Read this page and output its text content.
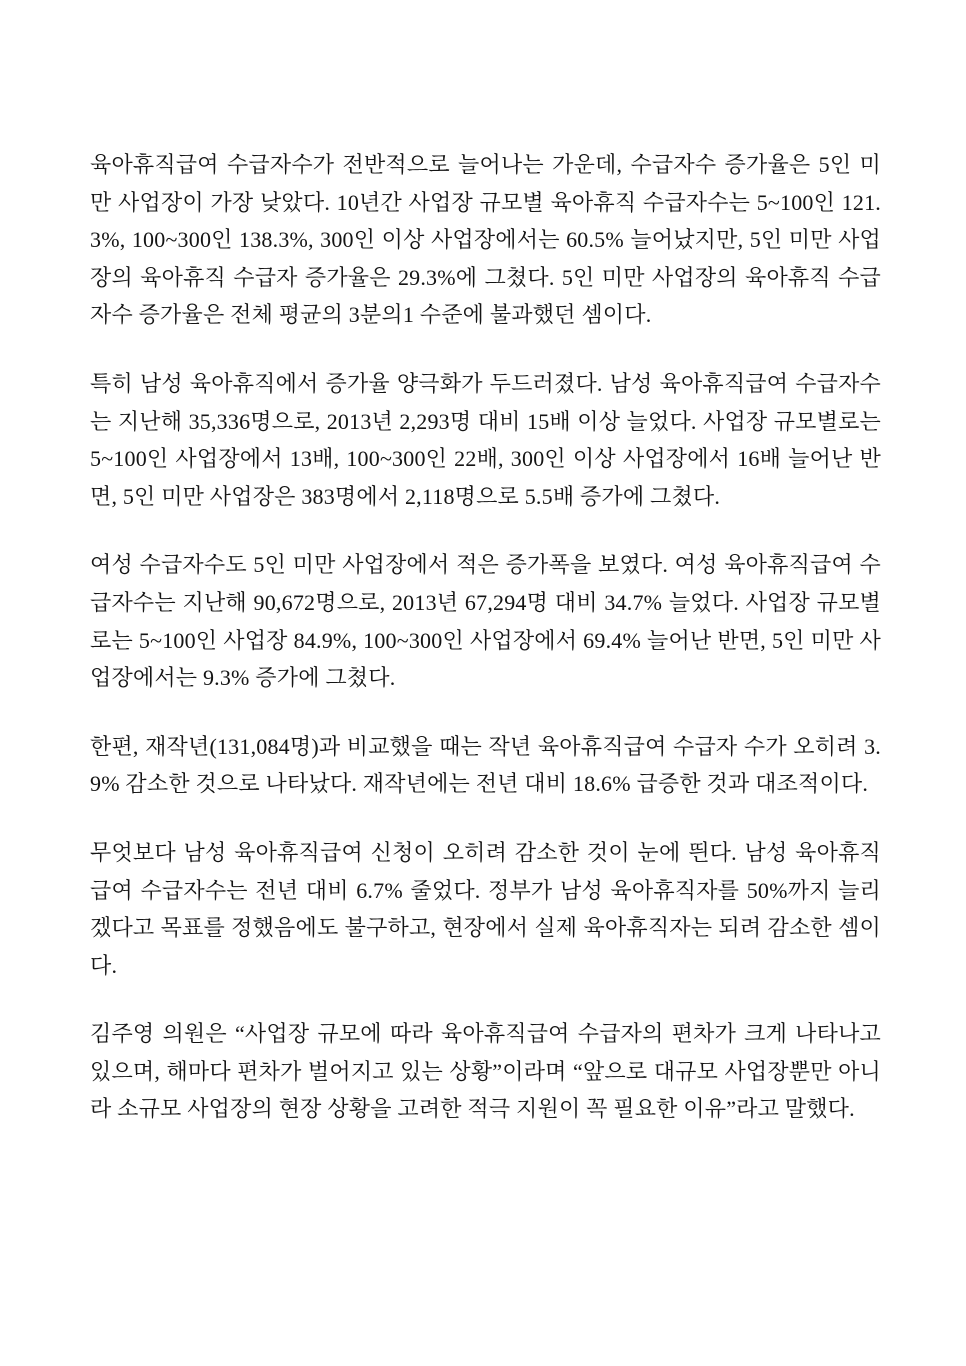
육아휴직급여 수급자수가 전반적으로 늘어나는 가운데, 수급자수 증가율은 5인 미만 사업장이 가장 낮았다. 10년간 사업장 규모별 육아휴직 수급자수는 5~100인 121.3%, 100~300인 138.3%, 300인 이상 사업장에서는 60.5% 늘어났지만, 5인 미만 사업장의 육아휴직 수급자 증가율은 29.3%에 그쳤다. 5인 미만 사업장의 육아휴직 수급자수 증가율은 전체 평균의 3분의1 수준에 불과했던 셈이다.

특히 남성 육아휴직에서 증가율 양극화가 두드러졌다. 남성 육아휴직급여 수급자수는 지난해 35,336명으로, 2013년 2,293명 대비 15배 이상 늘었다. 사업장 규모별로는 5~100인 사업장에서 13배, 100~300인 22배, 300인 이상 사업장에서 16배 늘어난 반면, 5인 미만 사업장은 383명에서 2,118명으로 5.5배 증가에 그쳤다.

여성 수급자수도 5인 미만 사업장에서 적은 증가폭을 보였다. 여성 육아휴직급여 수급자수는 지난해 90,672명으로, 2013년 67,294명 대비 34.7% 늘었다. 사업장 규모별로는 5~100인 사업장 84.9%, 100~300인 사업장에서 69.4% 늘어난 반면, 5인 미만 사업장에서는 9.3% 증가에 그쳤다.

한편, 재작년(131,084명)과 비교했을 때는 작년 육아휴직급여 수급자 수가 오히려 3.9% 감소한 것으로 나타났다. 재작년에는 전년 대비 18.6% 급증한 것과 대조적이다.

무엇보다 남성 육아휴직급여 신청이 오히려 감소한 것이 눈에 띈다. 남성 육아휴직급여 수급자수는 전년 대비 6.7% 줄었다. 정부가 남성 육아휴직자를 50%까지 늘리겠다고 목표를 정했음에도 불구하고, 현장에서 실제 육아휴직자는 되려 감소한 셈이다.

김주영 의원은 “사업장 규모에 따라 육아휴직급여 수급자의 편차가 크게 나타나고 있으며, 해마다 편차가 벌어지고 있는 상황”이라며 “앞으로 대규모 사업장뿐만 아니라 소규모 사업장의 현장 상황을 고려한 적극 지원이 꼭 필요한 이유”라고 말했다.
